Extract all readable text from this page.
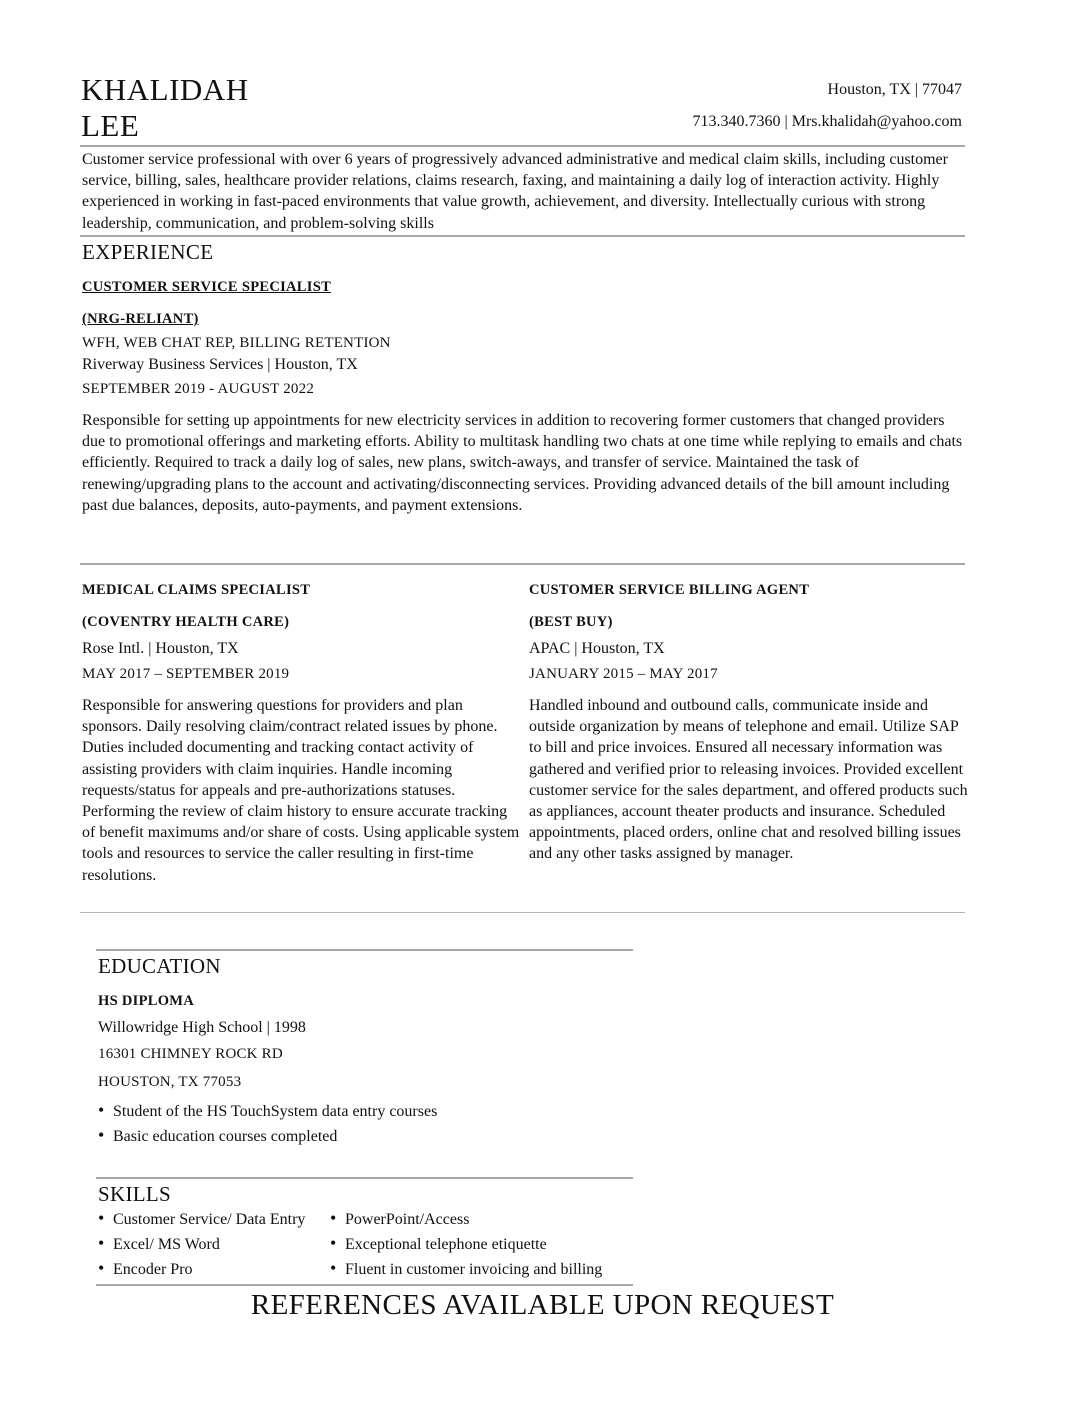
KHALIDAH
LEE
Houston, TX | 77047
713.340.7360 | Mrs.khalidah@yahoo.com
Customer service professional with over 6 years of progressively advanced administrative and medical claim skills, including customer service, billing, sales, healthcare provider relations, claims research, faxing, and maintaining a daily log of interaction activity. Highly experienced in working in fast-paced environments that value growth, achievement, and diversity. Intellectually curious with strong leadership, communication, and problem-solving skills
EXPERIENCE
CUSTOMER SERVICE SPECIALIST
(NRG-RELIANT)
WFH, WEB CHAT REP, BILLING RETENTION
Riverway Business Services | Houston, TX
SEPTEMBER 2019 - AUGUST 2022
Responsible for setting up appointments for new electricity services in addition to recovering former customers that changed providers due to promotional offerings and marketing efforts. Ability to multitask handling two chats at one time while replying to emails and chats efficiently. Required to track a daily log of sales, new plans, switch-aways, and transfer of service. Maintained the task of renewing/upgrading plans to the account and activating/disconnecting services. Providing advanced details of the bill amount including past due balances, deposits, auto-payments, and payment extensions.
MEDICAL CLAIMS SPECIALIST
(COVENTRY HEALTH CARE)
Rose Intl. | Houston, TX
MAY 2017 – SEPTEMBER 2019
Responsible for answering questions for providers and plan sponsors. Daily resolving claim/contract related issues by phone. Duties included documenting and tracking contact activity of assisting providers with claim inquiries. Handle incoming requests/status for appeals and pre-authorizations statuses. Performing the review of claim history to ensure accurate tracking of benefit maximums and/or share of costs. Using applicable system tools and resources to service the caller resulting in first-time resolutions.
CUSTOMER SERVICE BILLING AGENT
(BEST BUY)
APAC | Houston, TX
JANUARY 2015 – MAY 2017
Handled inbound and outbound calls, communicate inside and outside organization by means of telephone and email. Utilize SAP to bill and price invoices. Ensured all necessary information was gathered and verified prior to releasing invoices. Provided excellent customer service for the sales department, and offered products such as appliances, account theater products and insurance. Scheduled appointments, placed orders, online chat and resolved billing issues and any other tasks assigned by manager.
EDUCATION
HS DIPLOMA
Willowridge High School | 1998
16301 CHIMNEY ROCK RD
HOUSTON, TX 77053
• Student of the HS TouchSystem data entry courses
• Basic education courses completed
SKILLS
• Customer Service/ Data Entry
• Excel/ MS Word
• Encoder Pro
• PowerPoint/Access
• Exceptional telephone etiquette
• Fluent in customer invoicing and billing
REFERENCES AVAILABLE UPON REQUEST
